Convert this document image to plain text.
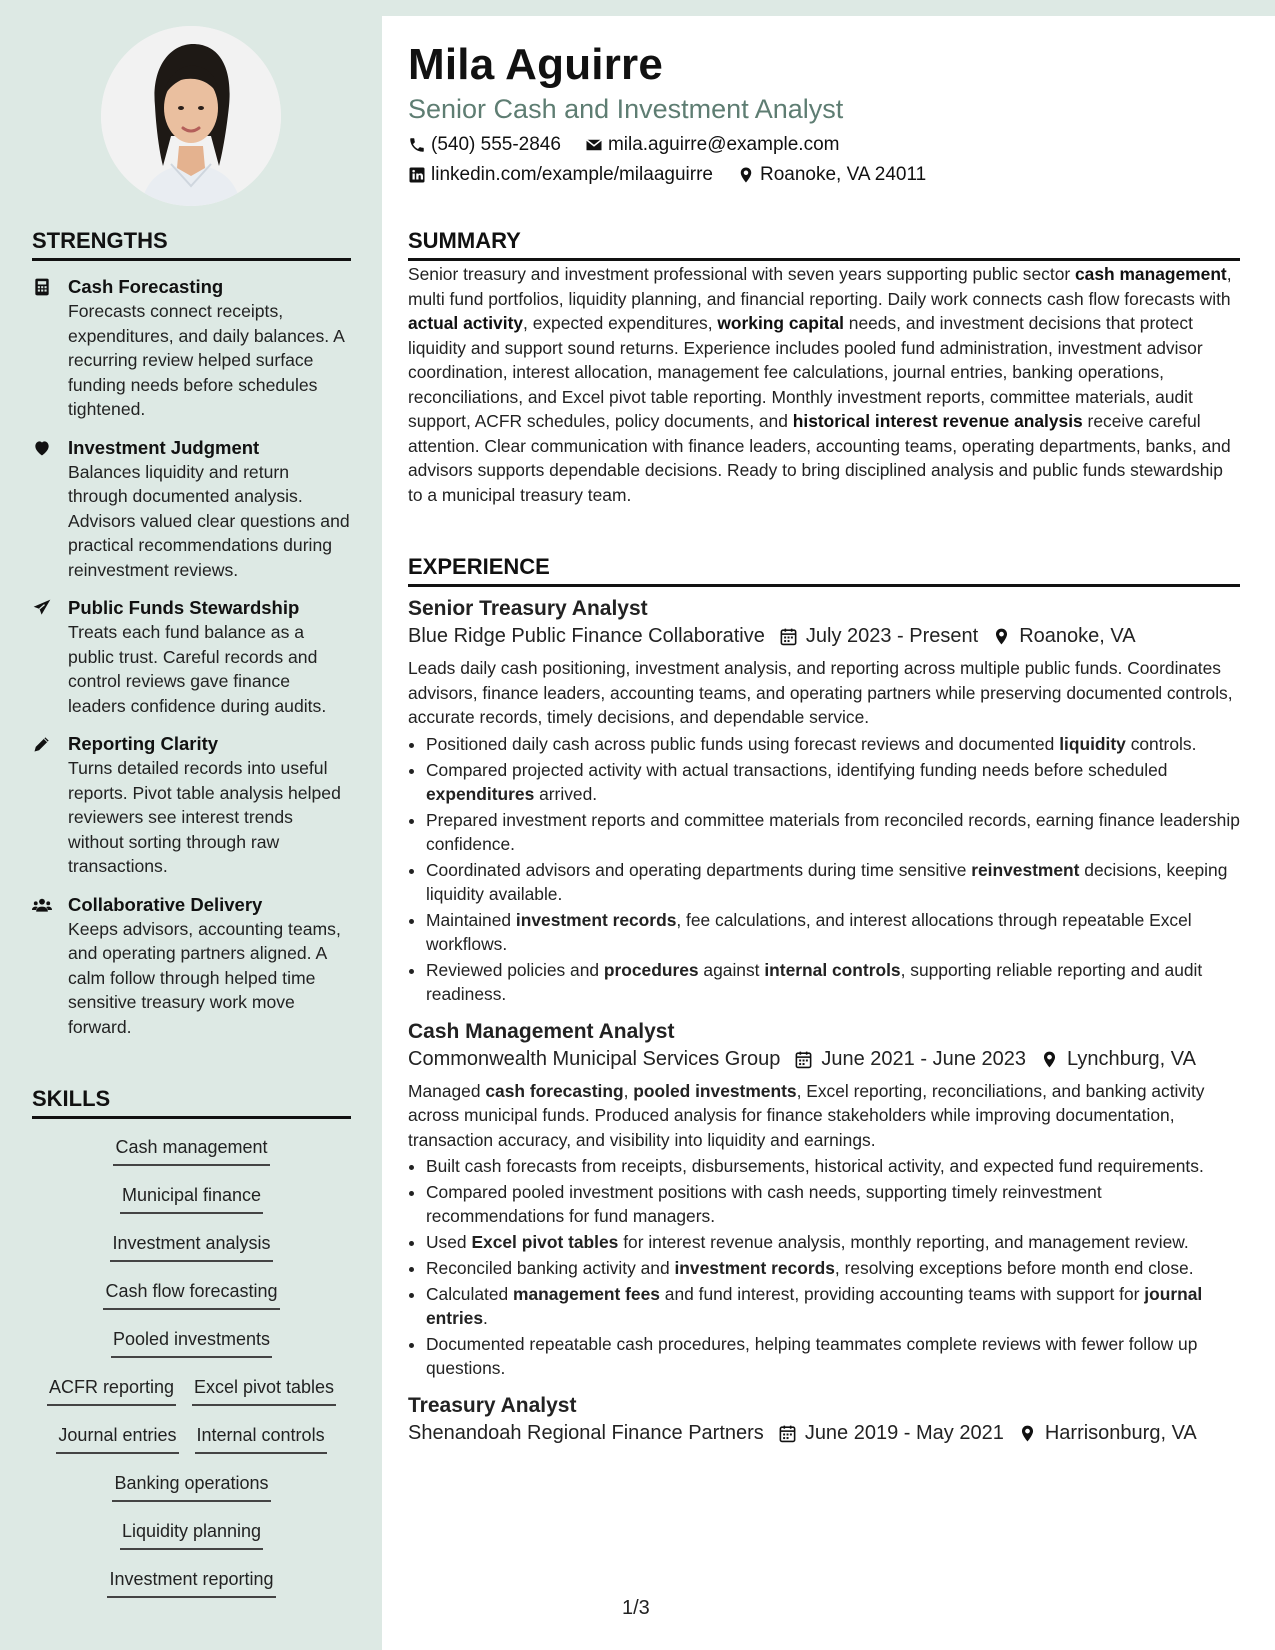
STRENGTHS
Cash Forecasting
Forecasts connect receipts, expenditures, and daily balances. A recurring review helped surface funding needs before schedules tightened.
Investment Judgment
Balances liquidity and return through documented analysis. Advisors valued clear questions and practical recommendations during reinvestment reviews.
Public Funds Stewardship
Treats each fund balance as a public trust. Careful records and control reviews gave finance leaders confidence during audits.
Reporting Clarity
Turns detailed records into useful reports. Pivot table analysis helped reviewers see interest trends without sorting through raw transactions.
Collaborative Delivery
Keeps advisors, accounting teams, and operating partners aligned. A calm follow through helped time sensitive treasury work move forward.
SKILLS
Cash management
Municipal finance
Investment analysis
Cash flow forecasting
Pooled investments
ACFR reporting Excel pivot tables
Journal entries Internal controls
Banking operations
Liquidity planning
Investment reporting
Mila Aguirre
Senior Cash and Investment Analyst
(540) 555-2846 mila.aguirre@example.com
linkedin.com/example/milaaguirre Roanoke, VA 24011
SUMMARY
Senior treasury and investment professional with seven years supporting public sector cash management, multi fund portfolios, liquidity planning, and financial reporting. Daily work connects cash flow forecasts with actual activity, expected expenditures, working capital needs, and investment decisions that protect liquidity and support sound returns. Experience includes pooled fund administration, investment advisor coordination, interest allocation, management fee calculations, journal entries, banking operations, reconciliations, and Excel pivot table reporting. Monthly investment reports, committee materials, audit support, ACFR schedules, policy documents, and historical interest revenue analysis receive careful attention. Clear communication with finance leaders, accounting teams, operating departments, banks, and advisors supports dependable decisions. Ready to bring disciplined analysis and public funds stewardship to a municipal treasury team.
EXPERIENCE
Senior Treasury Analyst
Blue Ridge Public Finance Collaborative July 2023 - Present Roanoke, VA
Leads daily cash positioning, investment analysis, and reporting across multiple public funds. Coordinates advisors, finance leaders, accounting teams, and operating partners while preserving documented controls, accurate records, timely decisions, and dependable service.
• Positioned daily cash across public funds using forecast reviews and documented liquidity controls.
• Compared projected activity with actual transactions, identifying funding needs before scheduled expenditures arrived.
• Prepared investment reports and committee materials from reconciled records, earning finance leadership confidence.
• Coordinated advisors and operating departments during time sensitive reinvestment decisions, keeping liquidity available.
• Maintained investment records, fee calculations, and interest allocations through repeatable Excel workflows.
• Reviewed policies and procedures against internal controls, supporting reliable reporting and audit readiness.
Cash Management Analyst
Commonwealth Municipal Services Group June 2021 - June 2023 Lynchburg, VA
Managed cash forecasting, pooled investments, Excel reporting, reconciliations, and banking activity across municipal funds. Produced analysis for finance stakeholders while improving documentation, transaction accuracy, and visibility into liquidity and earnings.
• Built cash forecasts from receipts, disbursements, historical activity, and expected fund requirements.
• Compared pooled investment positions with cash needs, supporting timely reinvestment recommendations for fund managers.
• Used Excel pivot tables for interest revenue analysis, monthly reporting, and management review.
• Reconciled banking activity and investment records, resolving exceptions before month end close.
• Calculated management fees and fund interest, providing accounting teams with support for journal entries.
• Documented repeatable cash procedures, helping teammates complete reviews with fewer follow up questions.
Treasury Analyst
Shenandoah Regional Finance Partners June 2019 - May 2021 Harrisonburg, VA
1/3
